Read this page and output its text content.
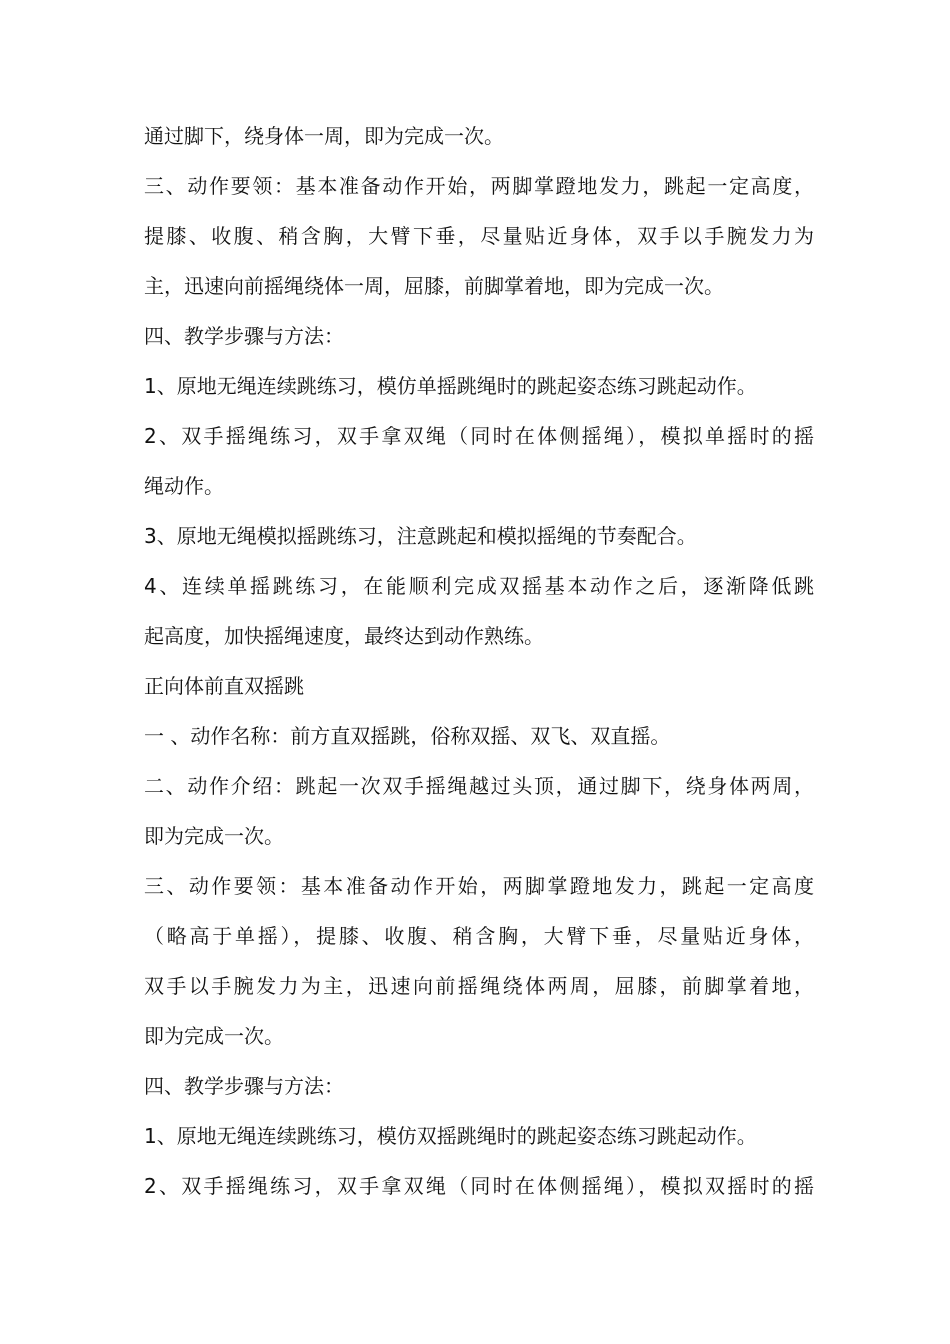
通过脚下，绕身体一周，即为完成一次。
三、动作要领：基本准备动作开始，两脚掌蹬地发力，跳起一定高度，
提膝、收腹、稍含胸，大臂下垂，尽量贴近身体，双手以手腕发力为
主，迅速向前摇绳绕体一周，屈膝，前脚掌着地，即为完成一次。
四、教学步骤与方法：
1、原地无绳连续跳练习，模仿单摇跳绳时的跳起姿态练习跳起动作。
2、双手摇绳练习，双手拿双绳（同时在体侧摇绳），模拟单摇时的摇
绳动作。
3、原地无绳模拟摇跳练习，注意跳起和模拟摇绳的节奏配合。
4、连续单摇跳练习，在能顺利完成双摇基本动作之后，逐渐降低跳
起高度，加快摇绳速度，最终达到动作熟练。
正向体前直双摇跳
一 、动作名称：前方直双摇跳，俗称双摇、双飞、双直摇。
二、动作介绍：跳起一次双手摇绳越过头顶，通过脚下，绕身体两周，
即为完成一次。
三、动作要领：基本准备动作开始，两脚掌蹬地发力，跳起一定高度
（略高于单摇），提膝、收腹、稍含胸，大臂下垂，尽量贴近身体，
双手以手腕发力为主，迅速向前摇绳绕体两周，屈膝，前脚掌着地，
即为完成一次。
四、教学步骤与方法：
1、原地无绳连续跳练习，模仿双摇跳绳时的跳起姿态练习跳起动作。
2、双手摇绳练习，双手拿双绳（同时在体侧摇绳），模拟双摇时的摇
